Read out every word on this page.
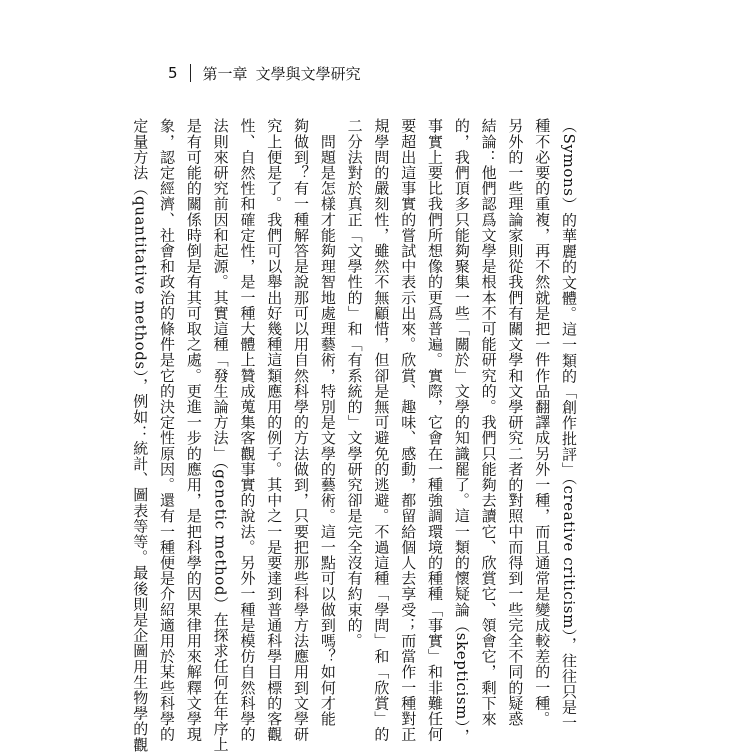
5 第一章 文學與文學研究

（Symons）的華麗的文體。這一類的「創作批評」（creative criticism），往往只是一

種不必要的重複，再不然就是把一件作品翻譯成另外一種，而且通常是變成較差的一種。

另外的一些理論家則從我們有關文學和文學研究二者的對照中而得到一些完全不同的疑惑

結論：他們認爲文學是根本不可能研究的。我們只能夠去讀它、欣賞它、領會它，剩下來

的，我們頂多只能夠聚集一些「關於」文學的知識罷了。這一類的懷疑論（skepticism），

事實上要比我們所想像的更爲普遍。實際，它會在一種強調環境的種種「事實」和非難任何

要超出這事實的嘗試中表示出來。欣賞、趣味、感動，都留給個人去享受；而當作一種對正

規學問的嚴刻性，雖然不無顧惜，但卻是無可避免的逃避。不過這種「學問」和「欣賞」的

二分法對於真正「文學性的」和「有系統的」文學研究卻是完全沒有約束的。

　問題是怎樣才能夠理智地處理藝術，特別是文學的藝術。這一點可以做到嗎？如何才能

夠做到？有一種解答是說那可以用自然科學的方法做到，只要把那些科學方法應用到文學研

究上便是了。我們可以舉出好幾種這類應用的例子。其中之一是要達到普通科學目標的客觀

性、自然性和確定性，是一種大體上贊成蒐集客觀事實的說法。另外一種是模仿自然科學的

法則來研究前因和起源。其實這種「發生論方法」（genetic method）在探求任何在年序上

是有可能的關係時倒是有其可取之處。更進一步的應用，是把科學的因果律用來解釋文學現

象，認定經濟、社會和政治的條件是它的決定性原因。還有一種便是介紹適用於某些科學的

定量方法（quantitative methods），例如：統計、圖表等等。最後則是企圖用生物學的觀
